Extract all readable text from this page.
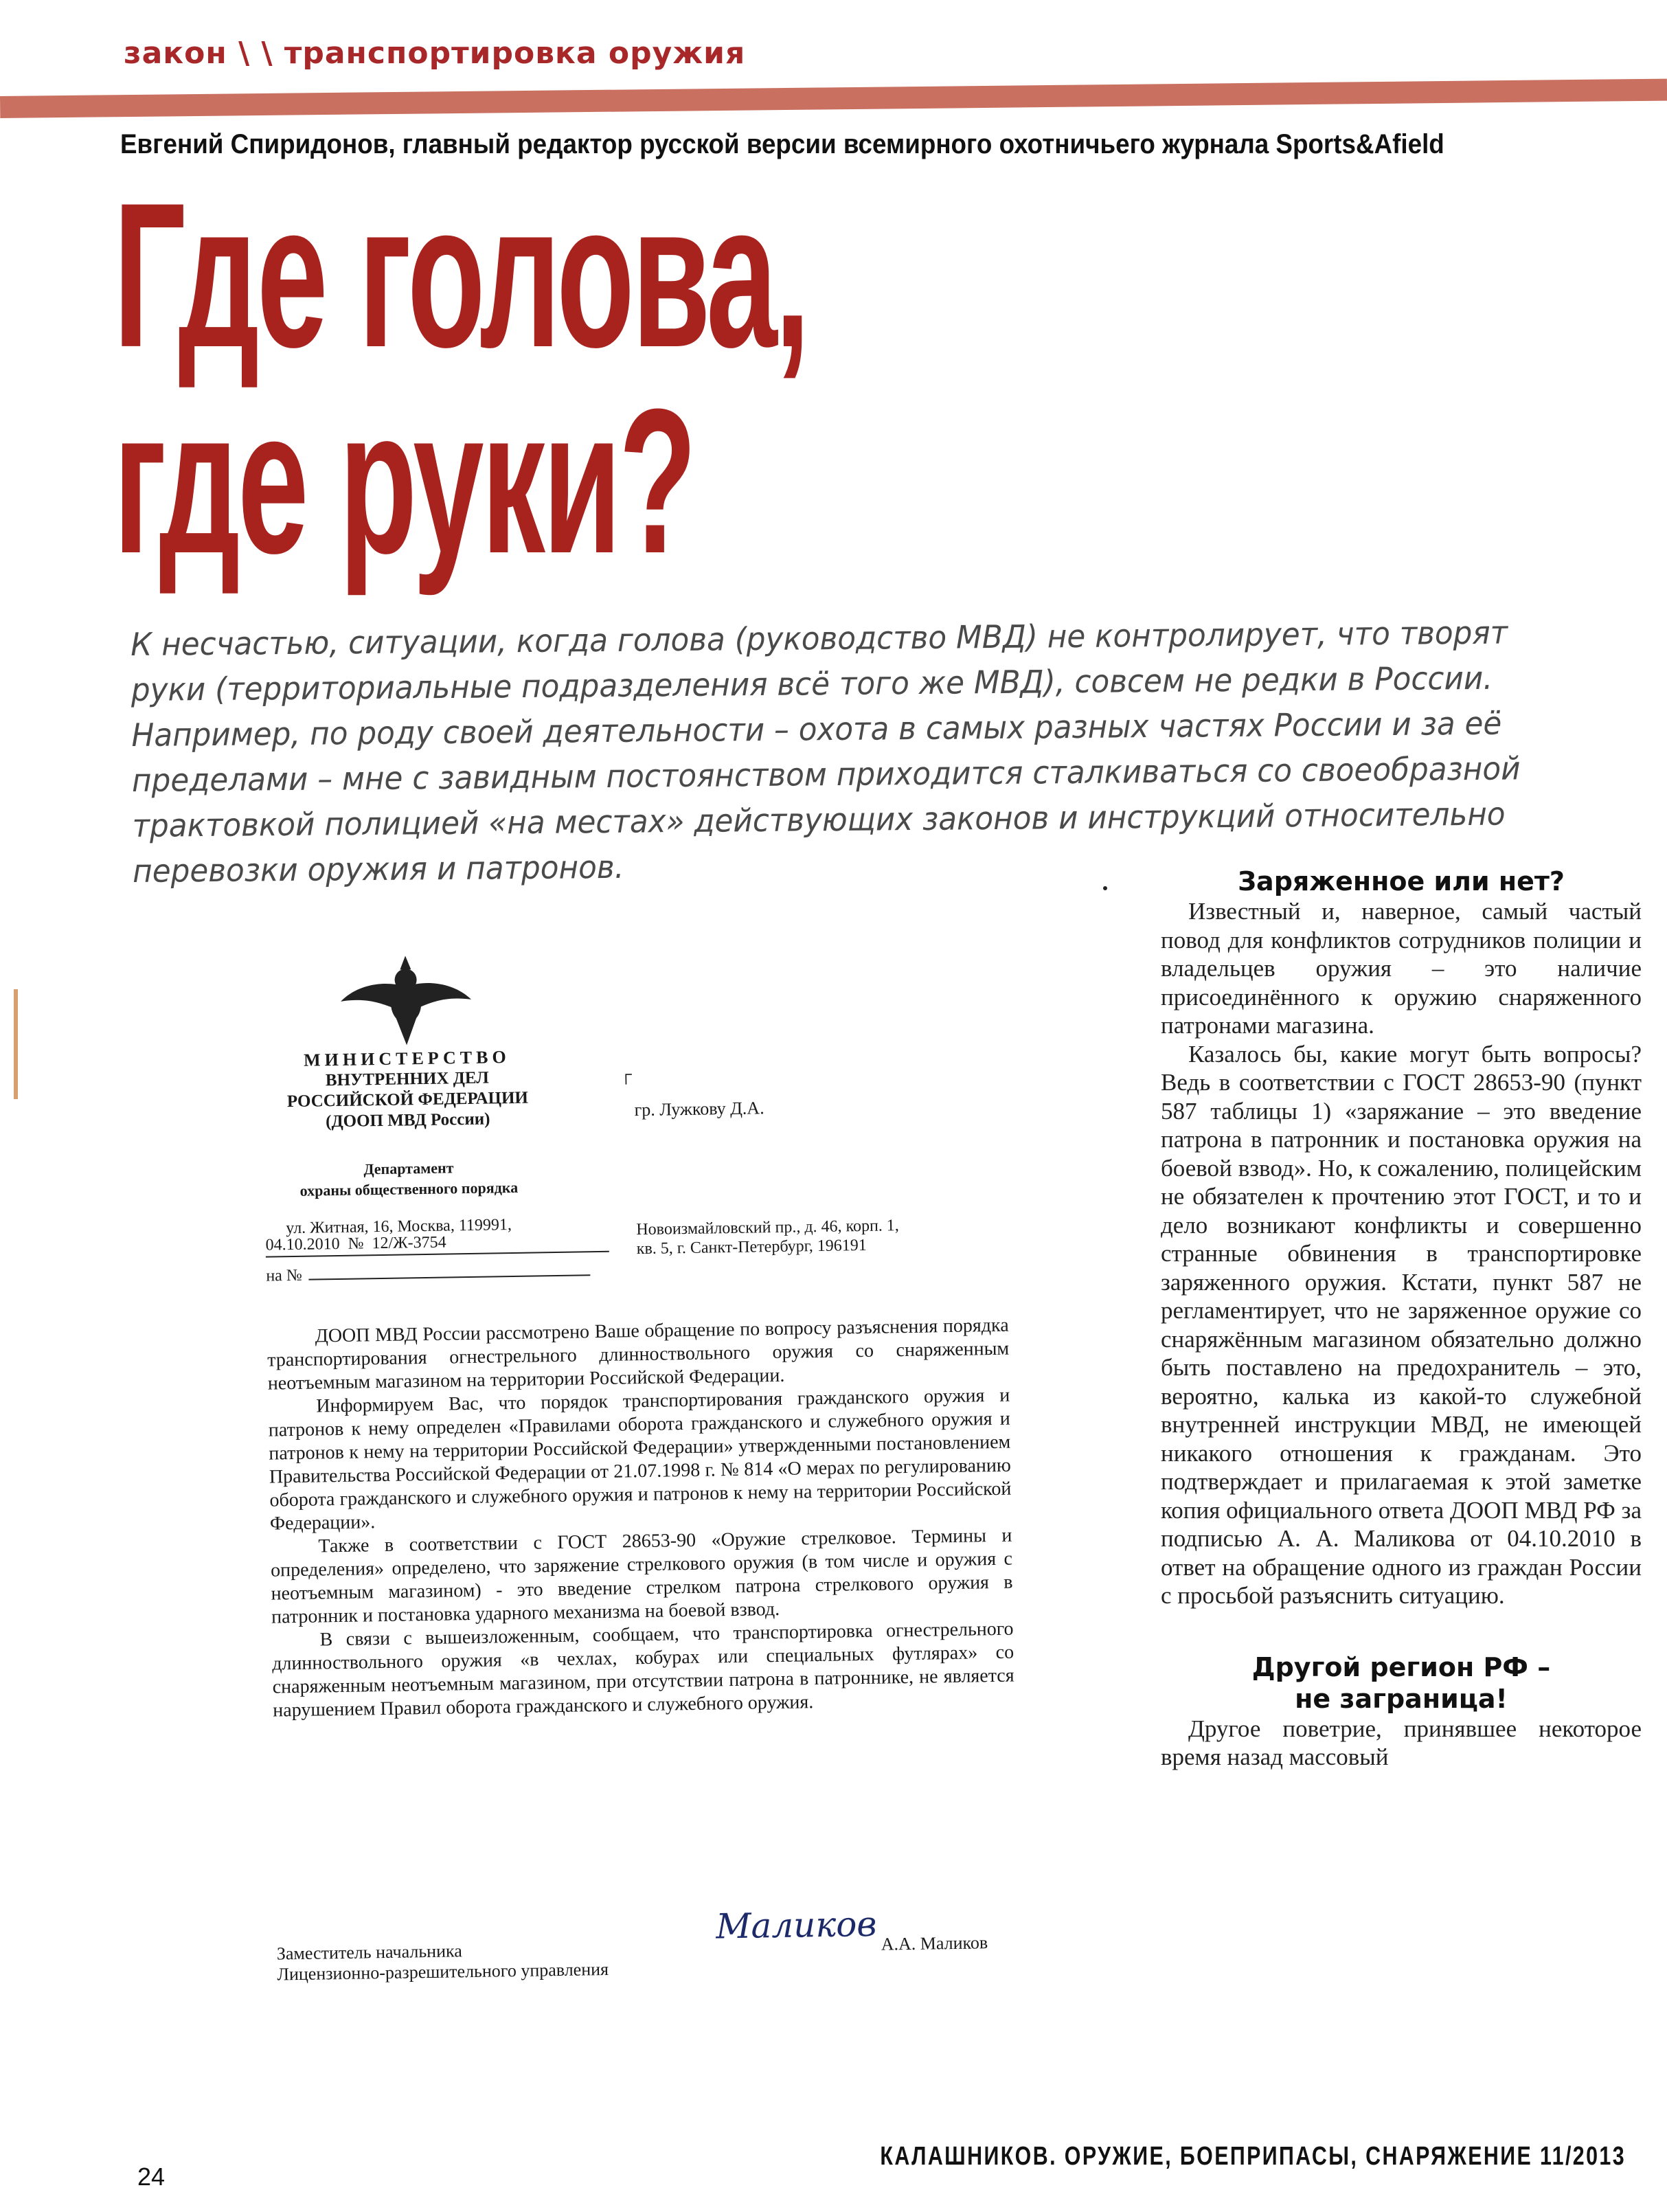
закон \ \ транспортировка оружия
Евгений Спиридонов, главный редактор русской версии всемирного охотничьего журнала Sports&Afield
Где голова,
где руки?

К несчастью, ситуации, когда голова (руководство МВД) не контролирует, что творят

руки (территориальные подразделения всё того же МВД), совсем не редки в России.

Например, по роду своей деятельности – охота в самых разных частях России и за её

пределами – мне с завидным постоянством приходится сталкиваться со своеобразной

трактовкой полицией «на местах» действующих законов и инструкций относительно

перевозки оружия и патронов.

МИНИСТЕРСТВО
ВНУТРЕННИХ ДЕЛ
РОССИЙСКОЙ ФЕДЕРАЦИИ
(ДООП МВД России)
Департамент
охраны общественного порядка
ул. Житная, 16, Москва, 119991,
04.10.2010 № 12/Ж-3754
на №
┌
гр. Лужкову Д.А.
Новоизмайловский пр., д. 46, корп. 1,
кв. 5, г. Санкт-Петербург, 196191

ДООП МВД России рассмотрено Ваше обращение по вопросу разъяснения порядка транспортирования огнестрельного длинноствольного оружия со снаряженным неотъемным магазином на территории Российской Федерации.

Информируем Вас, что порядок транспортирования гражданского оружия и патронов к нему определен «Правилами оборота гражданского и служебного оружия и патронов к нему на территории Российской Федерации» утвержденными постановлением Правительства Российской Федерации от 21.07.1998 г. № 814 «О мерах по регулированию оборота гражданского и служебного оружия и патронов к нему на территории Российской Федерации».

Также в соответствии с ГОСТ 28653-90 «Оружие стрелковое. Термины и определения» определено, что заряжение стрелкового оружия (в том числе и оружия с неотъемным магазином) - это введение стрелком патрона стрелкового оружия в патронник и постановка ударного механизма на боевой взвод.

В связи с вышеизложенным, сообщаем, что транспортировка огнестрельного длинноствольного оружия «в чехлах, кобурах или специальных футлярах» со снаряженным неотъемным магазином, при отсутствии патрона в патроннике, не является нарушением Правил оборота гражданского и служебного оружия.

Заместитель начальника
Лицензионно-разрешительного управления
Маликов А.А. Маликов
Заряженное или нет?

Известный и, наверное, самый частый повод для конфликтов сотрудников полиции и владельцев оружия – это наличие присоединённого к оружию снаряженного патронами магазина.

Казалось бы, какие могут быть вопросы? Ведь в соответствии с ГОСТ 28653-90 (пункт 587 таблицы 1) «заряжание – это введение патрона в патронник и постановка оружия на боевой взвод». Но, к сожалению, полицейским не обязателен к прочтению этот ГОСТ, и то и дело возникают конфликты и совершенно странные обвинения в транспортировке заряженного оружия. Кстати, пункт 587 не регламентирует, что не заряженное оружие со снаряжённым магазином обязательно должно быть поставлено на предохранитель – это, вероятно, калька из какой-то служебной внутренней инструкции МВД, не имеющей никакого отношения к гражданам. Это подтверждает и прилагаемая к этой заметке копия официального ответа ДООП МВД РФ за подписью А. А. Маликова от 04.10.2010 в ответ на обращение одного из граждан России с просьбой разъяснить ситуацию.

Другой регион РФ –
не заграница!

Другое поветрие, принявшее некоторое время назад массовый

24
КАЛАШНИКОВ. ОРУЖИЕ, БОЕПРИПАСЫ, СНАРЯЖЕНИЕ 11/2013
